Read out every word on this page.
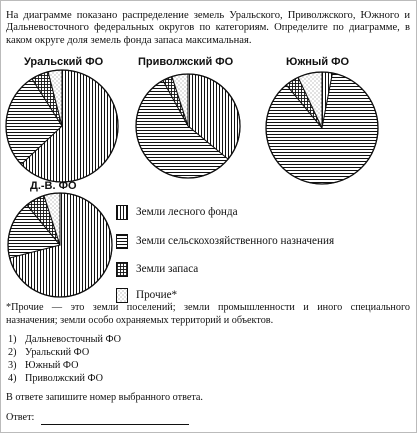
На диаграмме показано распределение земель Уральского, Приволжского, Южного и Дальневосточного федеральных округов по категориям. Определите по диаграмме, в каком округе доля земель фонда запаса максимальная.
Уральский ФО	Приволжский ФО	Южный ФО
Д.-В. ФО
Земли лесного фонда
Земли сельскохозяйственного назначения
Земли запаса
Прочие*
*Прочие — это земли поселений; земли промышленности и иного специального назначения; земли особо охраняемых территорий и объектов.
1) Дальневосточный ФО
2) Уральский ФО
3) Южный ФО
4) Приволжский ФО
В ответе запишите номер выбранного ответа.
Ответ:
